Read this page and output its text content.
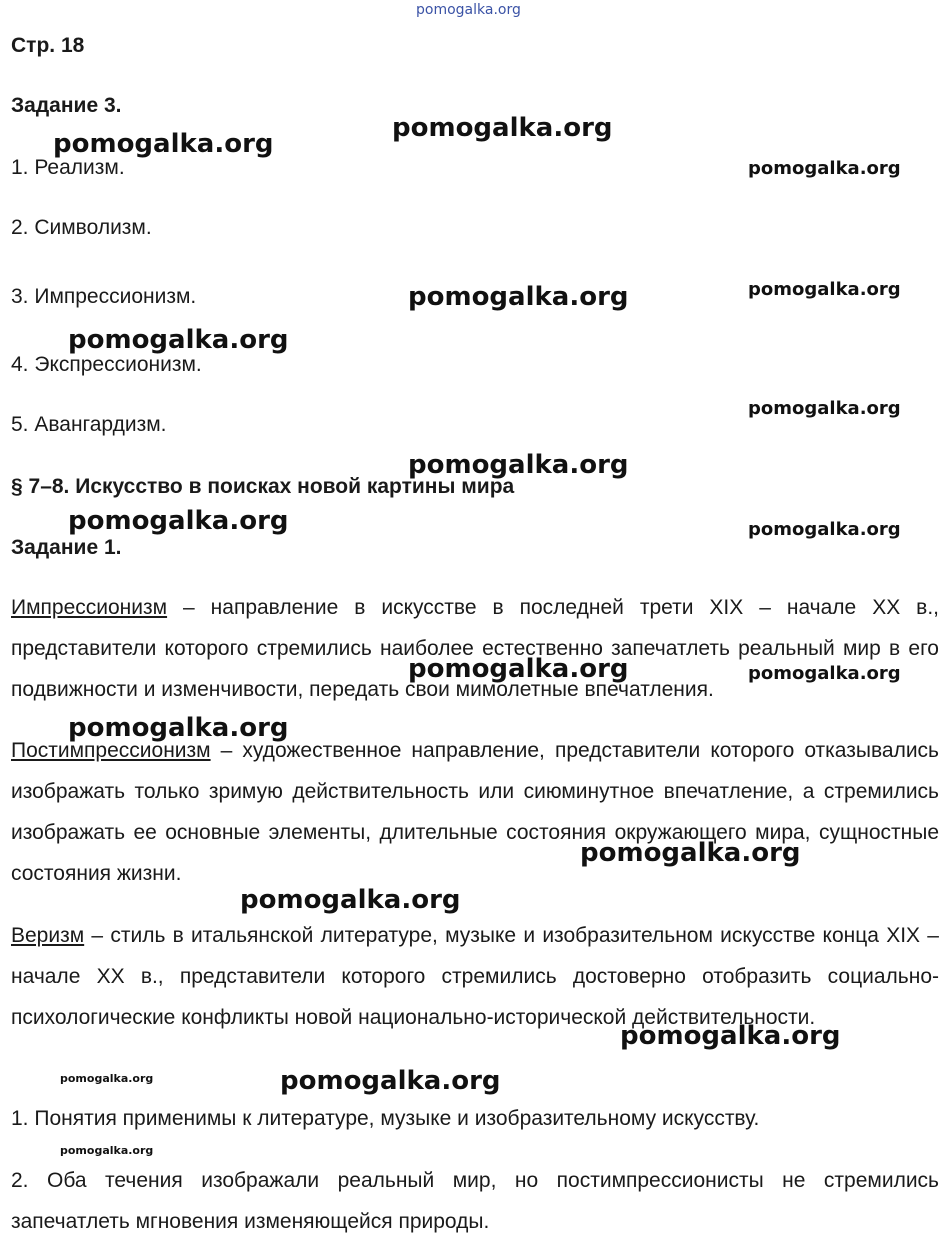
pomogalka.org
Стр. 18
Задание 3.
1. Реализм.
2. Символизм.
3. Импрессионизм.
4. Экспрессионизм.
5. Авангардизм.
§ 7–8. Искусство в поисках новой картины мира
Задание 1.
Импрессионизм – направление в искусстве в последней трети XIX – начале XX в., представители которого стремились наиболее естественно запечатлеть реальный мир в его подвижности и изменчивости, передать свои мимолетные впечатления.
Постимпрессионизм – художественное направление, представители которого отказывались изображать только зримую действительность или сиюминутное впечатление, а стремились изображать ее основные элементы, длительные состояния окружающего мира, сущностные состояния жизни.
Веризм – стиль в итальянской литературе, музыке и изобразительном искусстве конца XIX – начале XX в., представители которого стремились достоверно отобразить социально-психологические конфликты новой национально-исторической действительности.
1. Понятия применимы к литературе, музыке и изобразительному искусству.
2. Оба течения изображали реальный мир, но постимпрессионисты не стремились запечатлеть мгновения изменяющейся природы.
pomogalka.org
pomogalka.org
pomogalka.org
pomogalka.org	pomogalka.org
pomogalka.org
pomogalka.org
pomogalka.org
pomogalka.org	pomogalka.org
pomogalka.org	pomogalka.org
pomogalka.org
pomogalka.org
pomogalka.org
pomogalka.org
pomogalka.org	pomogalka.org
pomogalka.org
